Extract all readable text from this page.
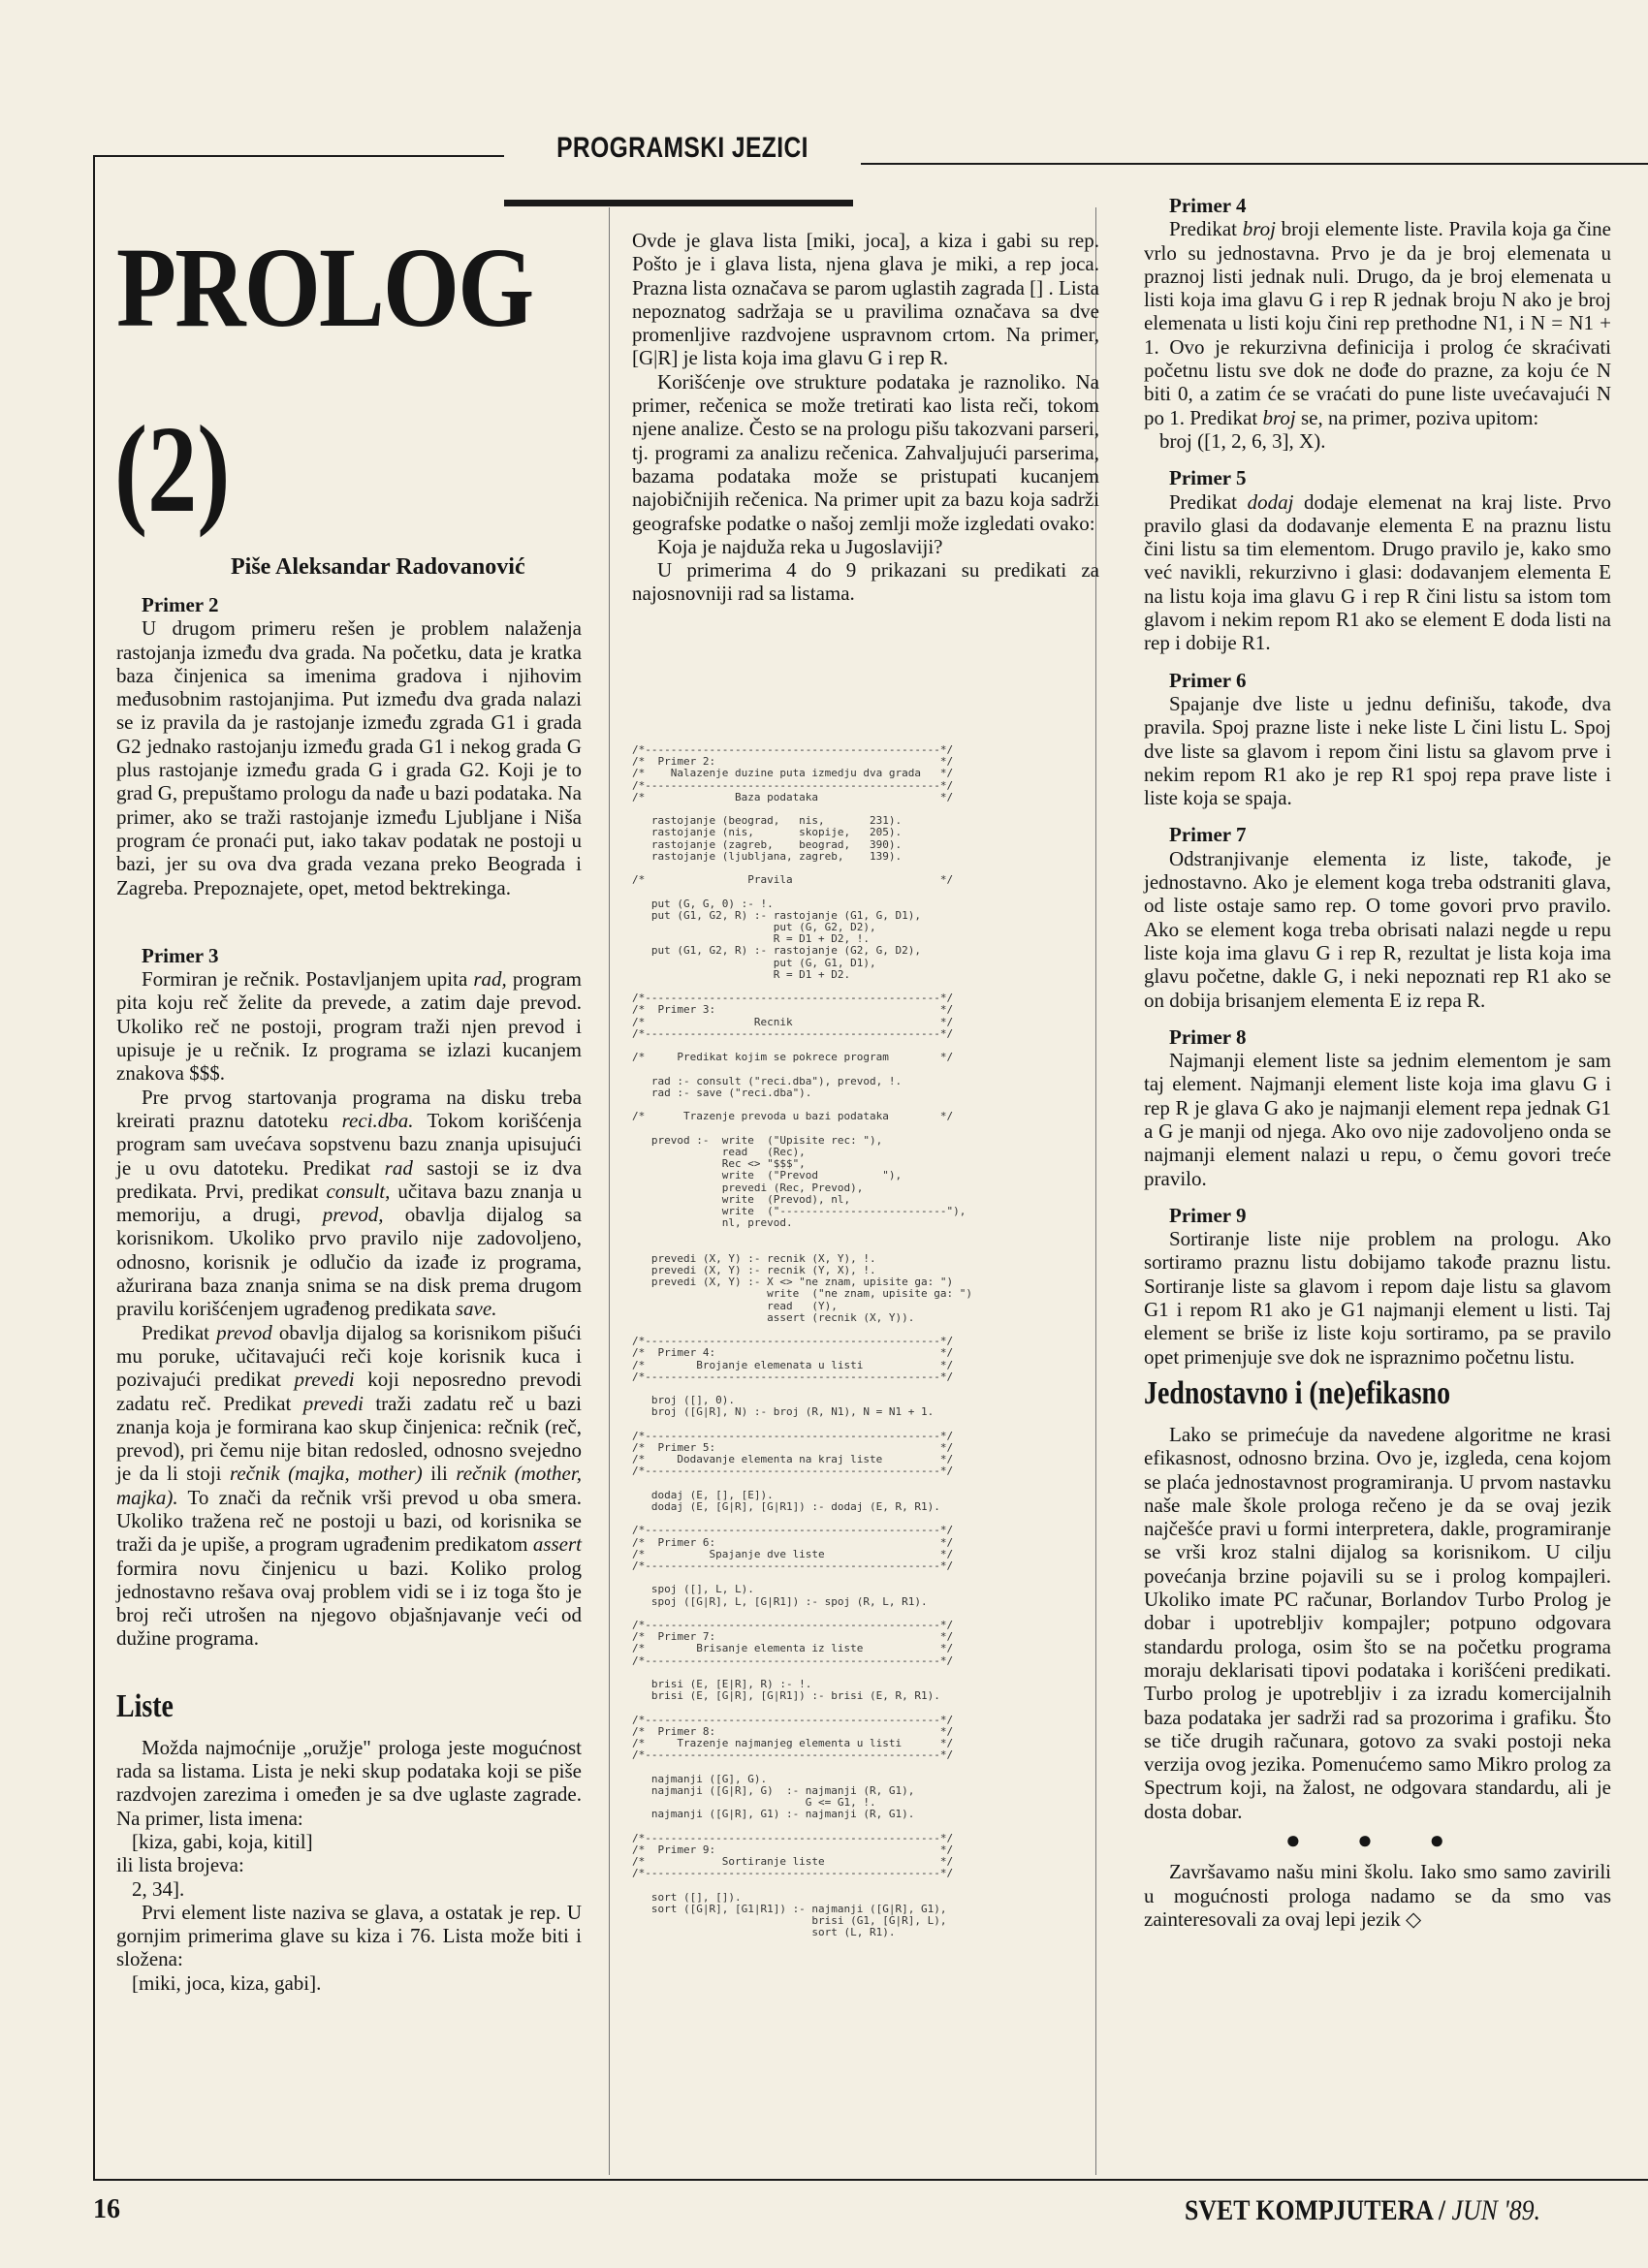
PROGRAMSKI JEZICI
PROLOG
(2)
Piše Aleksandar Radovanović

Primer 2

U drugom primeru rešen je problem nalaženja rastojanja između dva grada. Na početku, data je kratka baza činjenica sa imenima gradova i njihovim međusobnim rastojanjima. Put između dva grada nalazi se iz pravila da je rastojanje između zgrada G1 i grada G2 jednako rastojanju između grada G1 i nekog grada G plus rastojanje između grada G i grada G2. Koji je to grad G, prepuštamo prologu da nađe u bazi podataka. Na primer, ako se traži rastojanje između Ljubljane i Niša program će pronaći put, iako takav podatak ne postoji u bazi, jer su ova dva grada vezana preko Beograda i Zagreba. Prepoznajete, opet, metod bektrekinga.

Primer 3

Formiran je rečnik. Postavljanjem upita rad, program pita koju reč želite da prevede, a zatim daje prevod. Ukoliko reč ne postoji, program traži njen prevod i upisuje je u rečnik. Iz programa se izlazi kucanjem znakova $$$.

Pre prvog startovanja programa na disku treba kreirati praznu datoteku reci.dba. Tokom korišćenja program sam uvećava sopstvenu bazu znanja upisujući je u ovu datoteku. Predikat rad sastoji se iz dva predikata. Prvi, predikat consult, učitava bazu znanja u memoriju, a drugi, prevod, obavlja dijalog sa korisnikom. Ukoliko prvo pravilo nije zadovoljeno, odnosno, korisnik je odlučio da izađe iz programa, ažurirana baza znanja snima se na disk prema drugom pravilu korišćenjem ugrađenog predikata save.

Predikat prevod obavlja dijalog sa korisnikom pišući mu poruke, učitavajući reči koje korisnik kuca i pozivajući predikat prevedi koji neposredno prevodi zadatu reč. Predikat prevedi traži zadatu reč u bazi znanja koja je formirana kao skup činjenica: rečnik (reč, prevod), pri čemu nije bitan redosled, odnosno svejedno je da li stoji rečnik (majka, mother) ili rečnik (mother, majka). To znači da rečnik vrši prevod u oba smera. Ukoliko tražena reč ne postoji u bazi, od korisnika se traži da je upiše, a program ugrađenim predikatom assert formira novu činjenicu u bazi. Koliko prolog jednostavno rešava ovaj problem vidi se i iz toga što je broj reči utrošen na njegovo objašnjavanje veći od dužine programa.

Liste

Možda najmoćnije „oružje" prologa jeste mogućnost rada sa listama. Lista je neki skup podataka koji se piše razdvojen zarezima i omeđen je sa dve uglaste zagrade. Na primer, lista imena:

[kiza, gabi, koja, kitil]

ili lista brojeva:

2, 34].

Prvi element liste naziva se glava, a ostatak je rep. U gornjim primerima glave su kiza i 76. Lista može biti i složena:

[miki, joca, kiza, gabi].

Ovde je glava lista [miki, joca], a kiza i gabi su rep. Pošto je i glava lista, njena glava je miki, a rep joca. Prazna lista označava se parom uglastih zagrada [] . Lista nepoznatog sadržaja se u pravilima označava sa dve promenljive razdvojene uspravnom crtom. Na primer, [G|R] je lista koja ima glavu G i rep R.

Korišćenje ove strukture podataka je raznoliko. Na primer, rečenica se može tretirati kao lista reči, tokom njene analize. Često se na prologu pišu takozvani parseri, tj. programi za analizu rečenica. Zahvaljujući parserima, bazama podataka može se pristupati kucanjem najobičnijih rečenica. Na primer upit za bazu koja sadrži geografske podatke o našoj zemlji može izgledati ovako:

Koja je najduža reka u Jugoslaviji?

U primerima 4 do 9 prikazani su predikati za najosnovniji rad sa listama.

/*----------------------------------------------*/
/*  Primer 2:                                   */
/*    Nalazenje duzine puta izmedju dva grada   */
/*----------------------------------------------*/
/*              Baza podataka                   */

rastojanje (beograd,   nis,       231).
rastojanje (nis,       skopije,   205).
rastojanje (zagreb,    beograd,   390).
rastojanje (ljubljana, zagreb,    139).

/*                Pravila                       */

put (G, G, 0) :- !.
put (G1, G2, R) :- rastojanje (G1, G, D1),
put (G, G2, D2),
R = D1 + D2, !.
put (G1, G2, R) :- rastojanje (G2, G, D2),
put (G, G1, D1),
R = D1 + D2.

/*----------------------------------------------*/
/*  Primer 3:                                   */
/*                 Recnik                       */
/*----------------------------------------------*/

/*     Predikat kojim se pokrece program        */

rad :- consult ("reci.dba"), prevod, !.
rad :- save ("reci.dba").

/*      Trazenje prevoda u bazi podataka        */

prevod :-  write  ("Upisite rec: "),
read   (Rec),
Rec <> "$$$",
write  ("Prevod          "),
prevedi (Rec, Prevod),
write  (Prevod), nl,
write  ("--------------------------"),
nl, prevod.

prevedi (X, Y) :- recnik (X, Y), !.
prevedi (X, Y) :- recnik (Y, X), !.
prevedi (X, Y) :- X <> "ne znam, upisite ga: ")
write  ("ne znam, upisite ga: ")
read   (Y),
assert (recnik (X, Y)).

/*----------------------------------------------*/
/*  Primer 4:                                   */
/*        Brojanje elemenata u listi            */
/*----------------------------------------------*/

broj ([], 0).
broj ([G|R], N) :- broj (R, N1), N = N1 + 1.

/*----------------------------------------------*/
/*  Primer 5:                                   */
/*     Dodavanje elementa na kraj liste         */
/*----------------------------------------------*/

dodaj (E, [], [E]).
dodaj (E, [G|R], [G|R1]) :- dodaj (E, R, R1).

/*----------------------------------------------*/
/*  Primer 6:                                   */
/*          Spajanje dve liste                  */
/*----------------------------------------------*/

spoj ([], L, L).
spoj ([G|R], L, [G|R1]) :- spoj (R, L, R1).

/*----------------------------------------------*/
/*  Primer 7:                                   */
/*        Brisanje elementa iz liste            */
/*----------------------------------------------*/

brisi (E, [E|R], R) :- !.
brisi (E, [G|R], [G|R1]) :- brisi (E, R, R1).

/*----------------------------------------------*/
/*  Primer 8:                                   */
/*     Trazenje najmanjeg elementa u listi      */
/*----------------------------------------------*/

najmanji ([G], G).
najmanji ([G|R], G)  :- najmanji (R, G1),
G <= G1, !.
najmanji ([G|R], G1) :- najmanji (R, G1).

/*----------------------------------------------*/
/*  Primer 9:                                   */
/*            Sortiranje liste                  */
/*----------------------------------------------*/

sort ([], []).
sort ([G|R], [G1|R1]) :- najmanji ([G|R], G1),
brisi (G1, [G|R], L),
sort (L, R1).

Primer 4

Predikat broj broji elemente liste. Pravila koja ga čine vrlo su jednostavna. Prvo je da je broj elemenata u praznoj listi jednak nuli. Drugo, da je broj elemenata u listi koja ima glavu G i rep R jednak broju N ako je broj elemenata u listi koju čini rep prethodne N1, i N = N1 + 1. Ovo je rekurzivna definicija i prolog će skraćivati početnu listu sve dok ne dođe do prazne, za koju će N biti 0, a zatim će se vraćati do pune liste uvećavajući N po 1. Predikat broj se, na primer, poziva upitom:

broj ([1, 2, 6, 3], X).

Primer 5

Predikat dodaj dodaje elemenat na kraj liste. Prvo pravilo glasi da dodavanje elementa E na praznu listu čini listu sa tim elementom. Drugo pravilo je, kako smo već navikli, rekurzivno i glasi: dodavanjem elementa E na listu koja ima glavu G i rep R čini listu sa istom tom glavom i nekim repom R1 ako se element E doda listi na rep i dobije R1.

Primer 6

Spajanje dve liste u jednu definišu, takođe, dva pravila. Spoj prazne liste i neke liste L čini listu L. Spoj dve liste sa glavom i repom čini listu sa glavom prve i nekim repom R1 ako je rep R1 spoj repa prave liste i liste koja se spaja.

Primer 7

Odstranjivanje elementa iz liste, takođe, je jednostavno. Ako je element koga treba odstraniti glava, od liste ostaje samo rep. O tome govori prvo pravilo. Ako se element koga treba obrisati nalazi negde u repu liste koja ima glavu G i rep R, rezultat je lista koja ima glavu početne, dakle G, i neki nepoznati rep R1 ako se on dobija brisanjem elementa E iz repa R.

Primer 8

Najmanji element liste sa jednim elementom je sam taj element. Najmanji element liste koja ima glavu G i rep R je glava G ako je najmanji element repa jednak G1 a G je manji od njega. Ako ovo nije zadovoljeno onda se najmanji element nalazi u repu, o čemu govori treće pravilo.

Primer 9

Sortiranje liste nije problem na prologu. Ako sortiramo praznu listu dobijamo takođe praznu listu. Sortiranje liste sa glavom i repom daje listu sa glavom G1 i repom R1 ako je G1 najmanji element u listi. Taj element se briše iz liste koju sortiramo, pa se pravilo opet primenjuje sve dok ne ispraznimo početnu listu.

Jednostavno i (ne)efikasno

Lako se primećuje da navedene algoritme ne krasi efikasnost, odnosno brzina. Ovo je, izgleda, cena kojom se plaća jednostavnost programiranja. U prvom nastavku naše male škole prologa rečeno je da se ovaj jezik najčešće pravi u formi interpretera, dakle, programiranje se vrši kroz stalni dijalog sa korisnikom. U cilju povećanja brzine pojavili su se i prolog kompajleri. Ukoliko imate PC računar, Borlandov Turbo Prolog je dobar i upotrebljiv kompajler; potpuno odgovara standardu prologa, osim što se na početku programa moraju deklarisati tipovi podataka i korišćeni predikati. Turbo prolog je upotrebljiv i za izradu komercijalnih baza podataka jer sadrži rad sa prozorima i grafiku. Što se tiče drugih računara, gotovo za svaki postoji neka verzija ovog jezika. Pomenućemo samo Mikro prolog za Spectrum koji, na žalost, ne odgovara standardu, ali je dosta dobar.

● ● ●

Završavamo našu mini školu. Iako smo samo zavirili u mogućnosti prologa nadamo se da smo vas zainteresovali za ovaj lepi jezik ◇

16	SVET KOMPJUTERA / JUN '89.
